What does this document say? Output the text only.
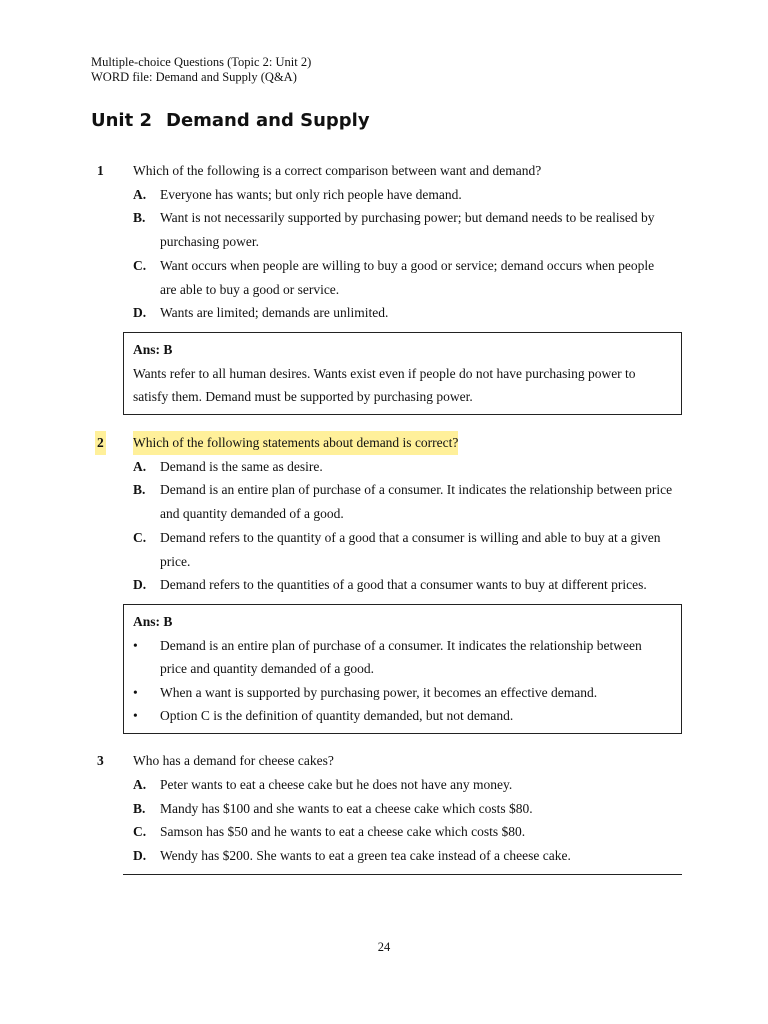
Multiple-choice Questions (Topic 2: Unit 2)
WORD file: Demand and Supply (Q&A)
Unit 2 Demand and Supply
1 Which of the following is a correct comparison between want and demand?
A. Everyone has wants; but only rich people have demand.
B. Want is not necessarily supported by purchasing power; but demand needs to be realised by purchasing power.
C. Want occurs when people are willing to buy a good or service; demand occurs when people are able to buy a good or service.
D. Wants are limited; demands are unlimited.
Ans: B
Wants refer to all human desires. Wants exist even if people do not have purchasing power to satisfy them. Demand must be supported by purchasing power.
2 Which of the following statements about demand is correct?
A. Demand is the same as desire.
B. Demand is an entire plan of purchase of a consumer. It indicates the relationship between price and quantity demanded of a good.
C. Demand refers to the quantity of a good that a consumer is willing and able to buy at a given price.
D. Demand refers to the quantities of a good that a consumer wants to buy at different prices.
Ans: B
• Demand is an entire plan of purchase of a consumer. It indicates the relationship between price and quantity demanded of a good.
• When a want is supported by purchasing power, it becomes an effective demand.
• Option C is the definition of quantity demanded, but not demand.
3 Who has a demand for cheese cakes?
A. Peter wants to eat a cheese cake but he does not have any money.
B. Mandy has $100 and she wants to eat a cheese cake which costs $80.
C. Samson has $50 and he wants to eat a cheese cake which costs $80.
D. Wendy has $200. She wants to eat a green tea cake instead of a cheese cake.
24
